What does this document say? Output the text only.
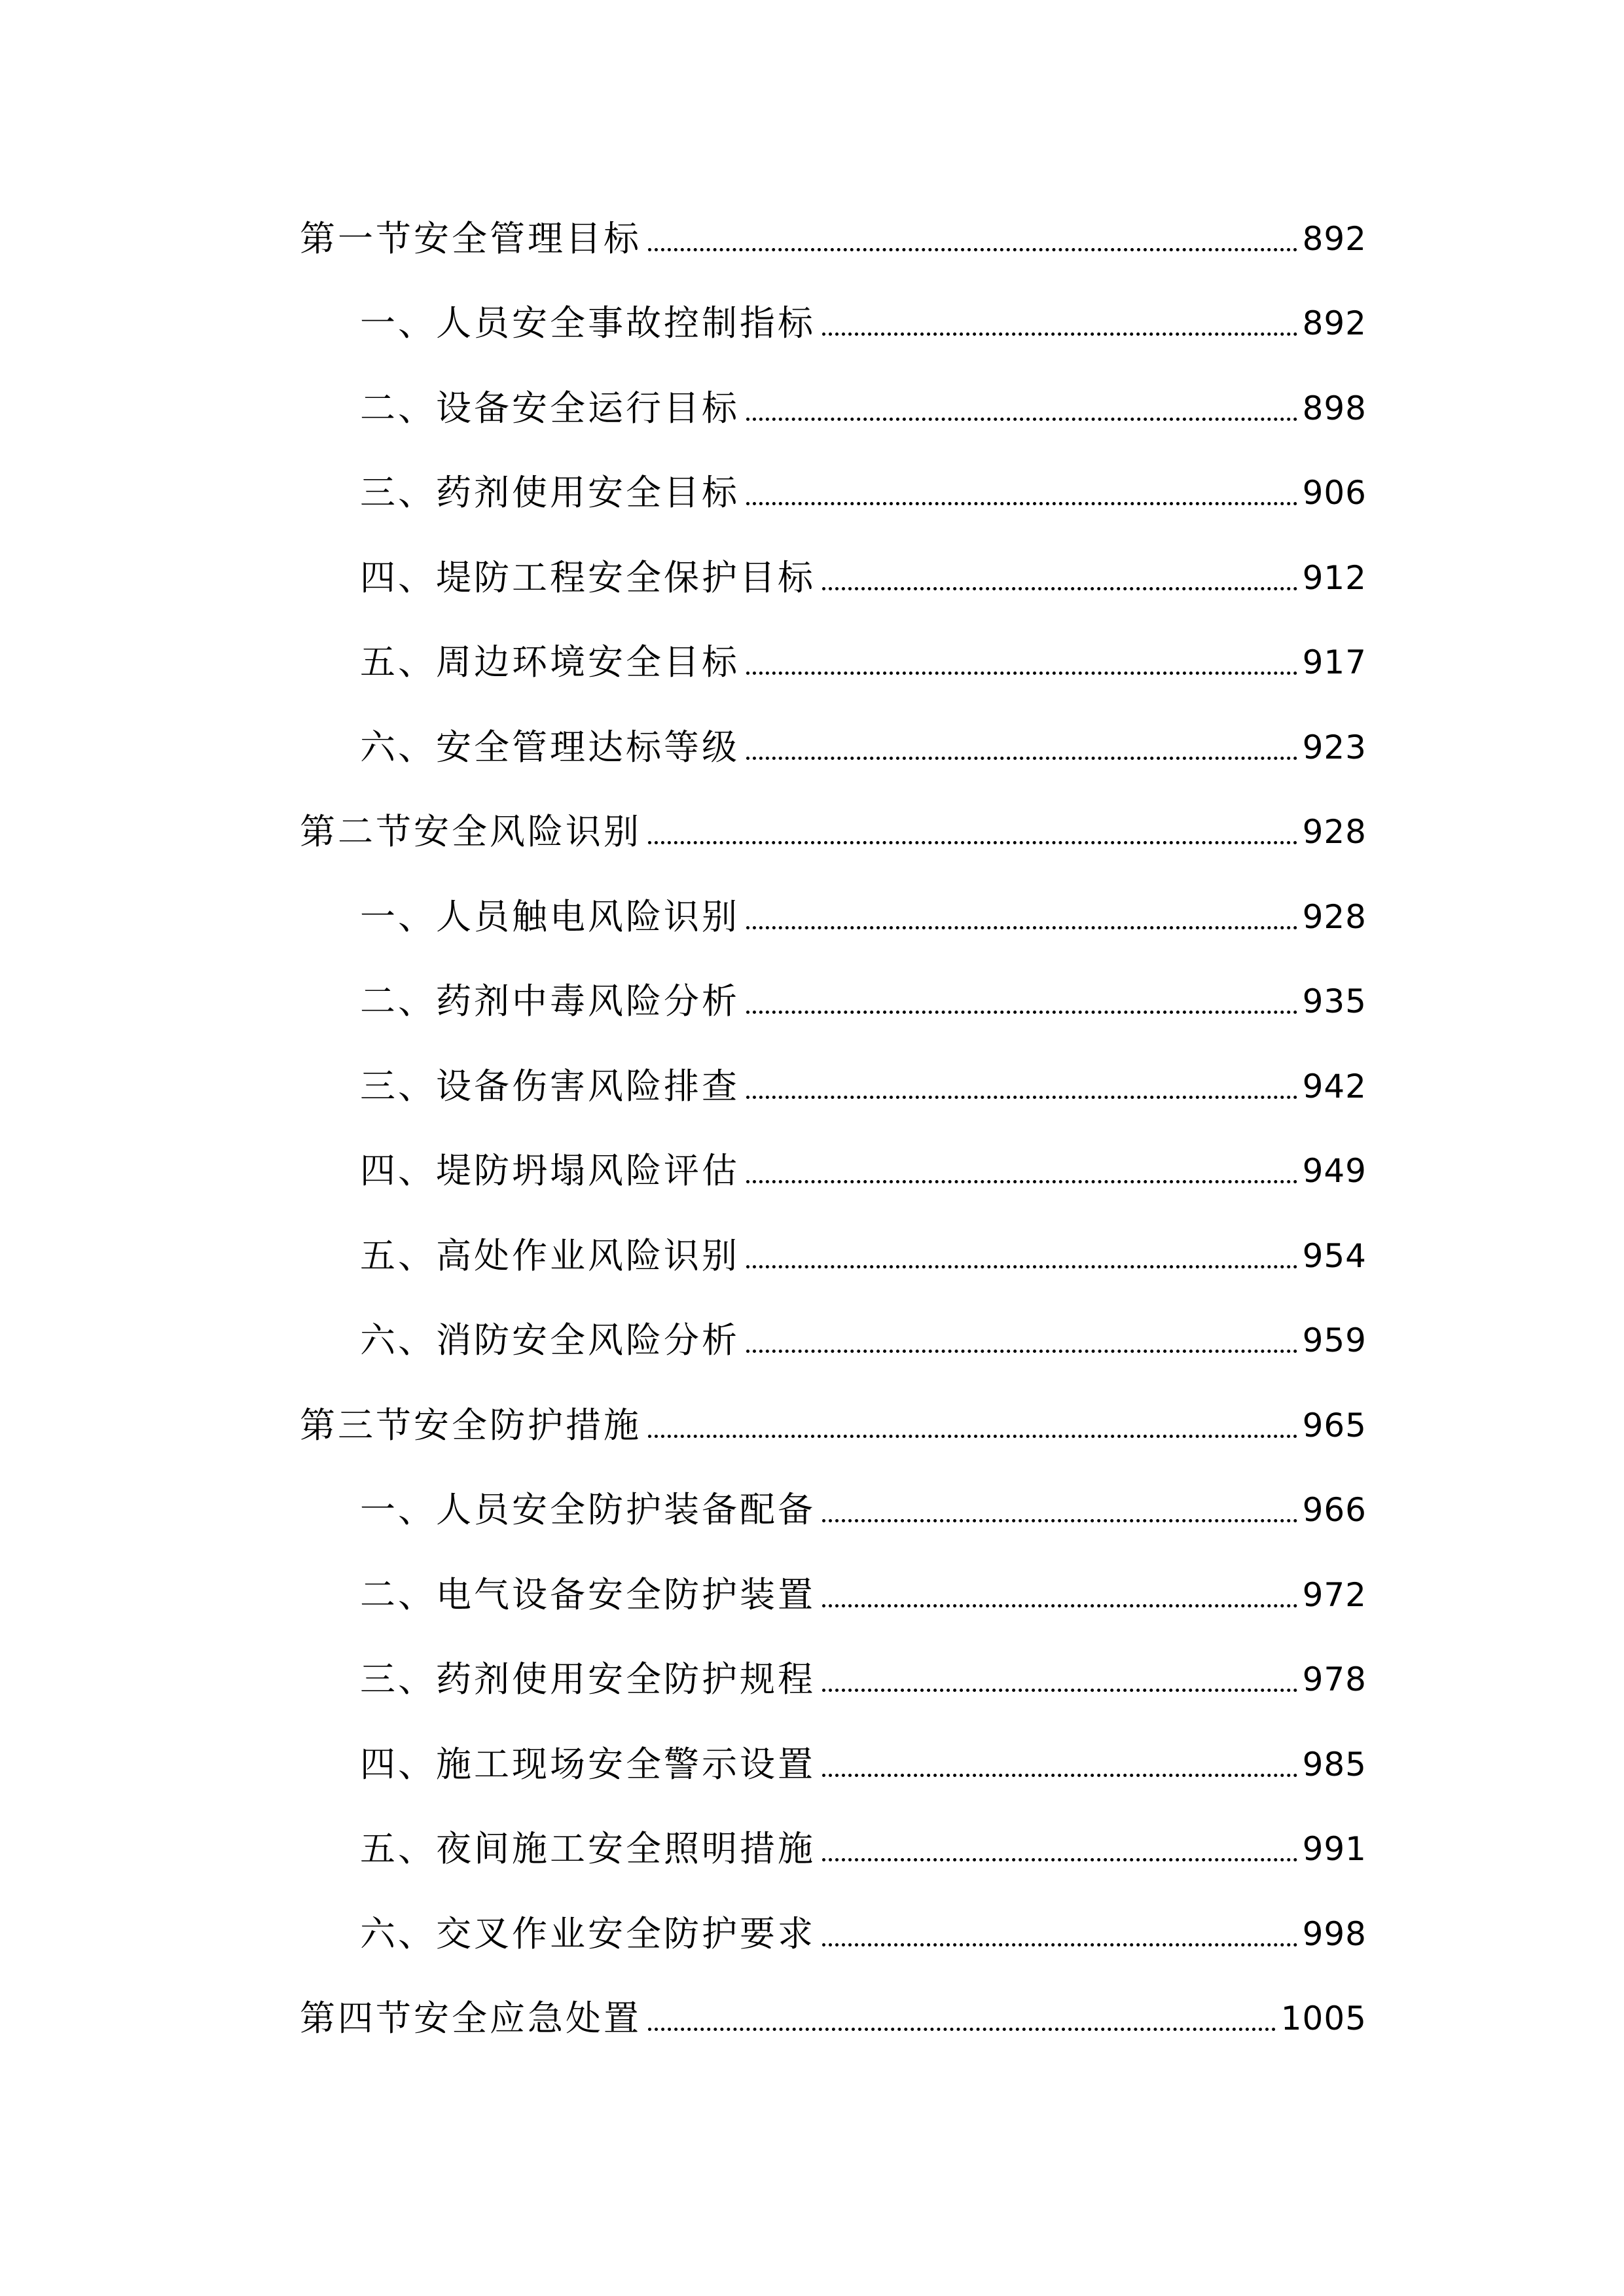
第一节安全管理目标	892
一、人员安全事故控制指标	892
二、设备安全运行目标	898
三、药剂使用安全目标	906
四、堤防工程安全保护目标	912
五、周边环境安全目标	917
六、安全管理达标等级	923
第二节安全风险识别	928
一、人员触电风险识别	928
二、药剂中毒风险分析	935
三、设备伤害风险排查	942
四、堤防坍塌风险评估	949
五、高处作业风险识别	954
六、消防安全风险分析	959
第三节安全防护措施	965
一、人员安全防护装备配备	966
二、电气设备安全防护装置	972
三、药剂使用安全防护规程	978
四、施工现场安全警示设置	985
五、夜间施工安全照明措施	991
六、交叉作业安全防护要求	998
第四节安全应急处置	1005
